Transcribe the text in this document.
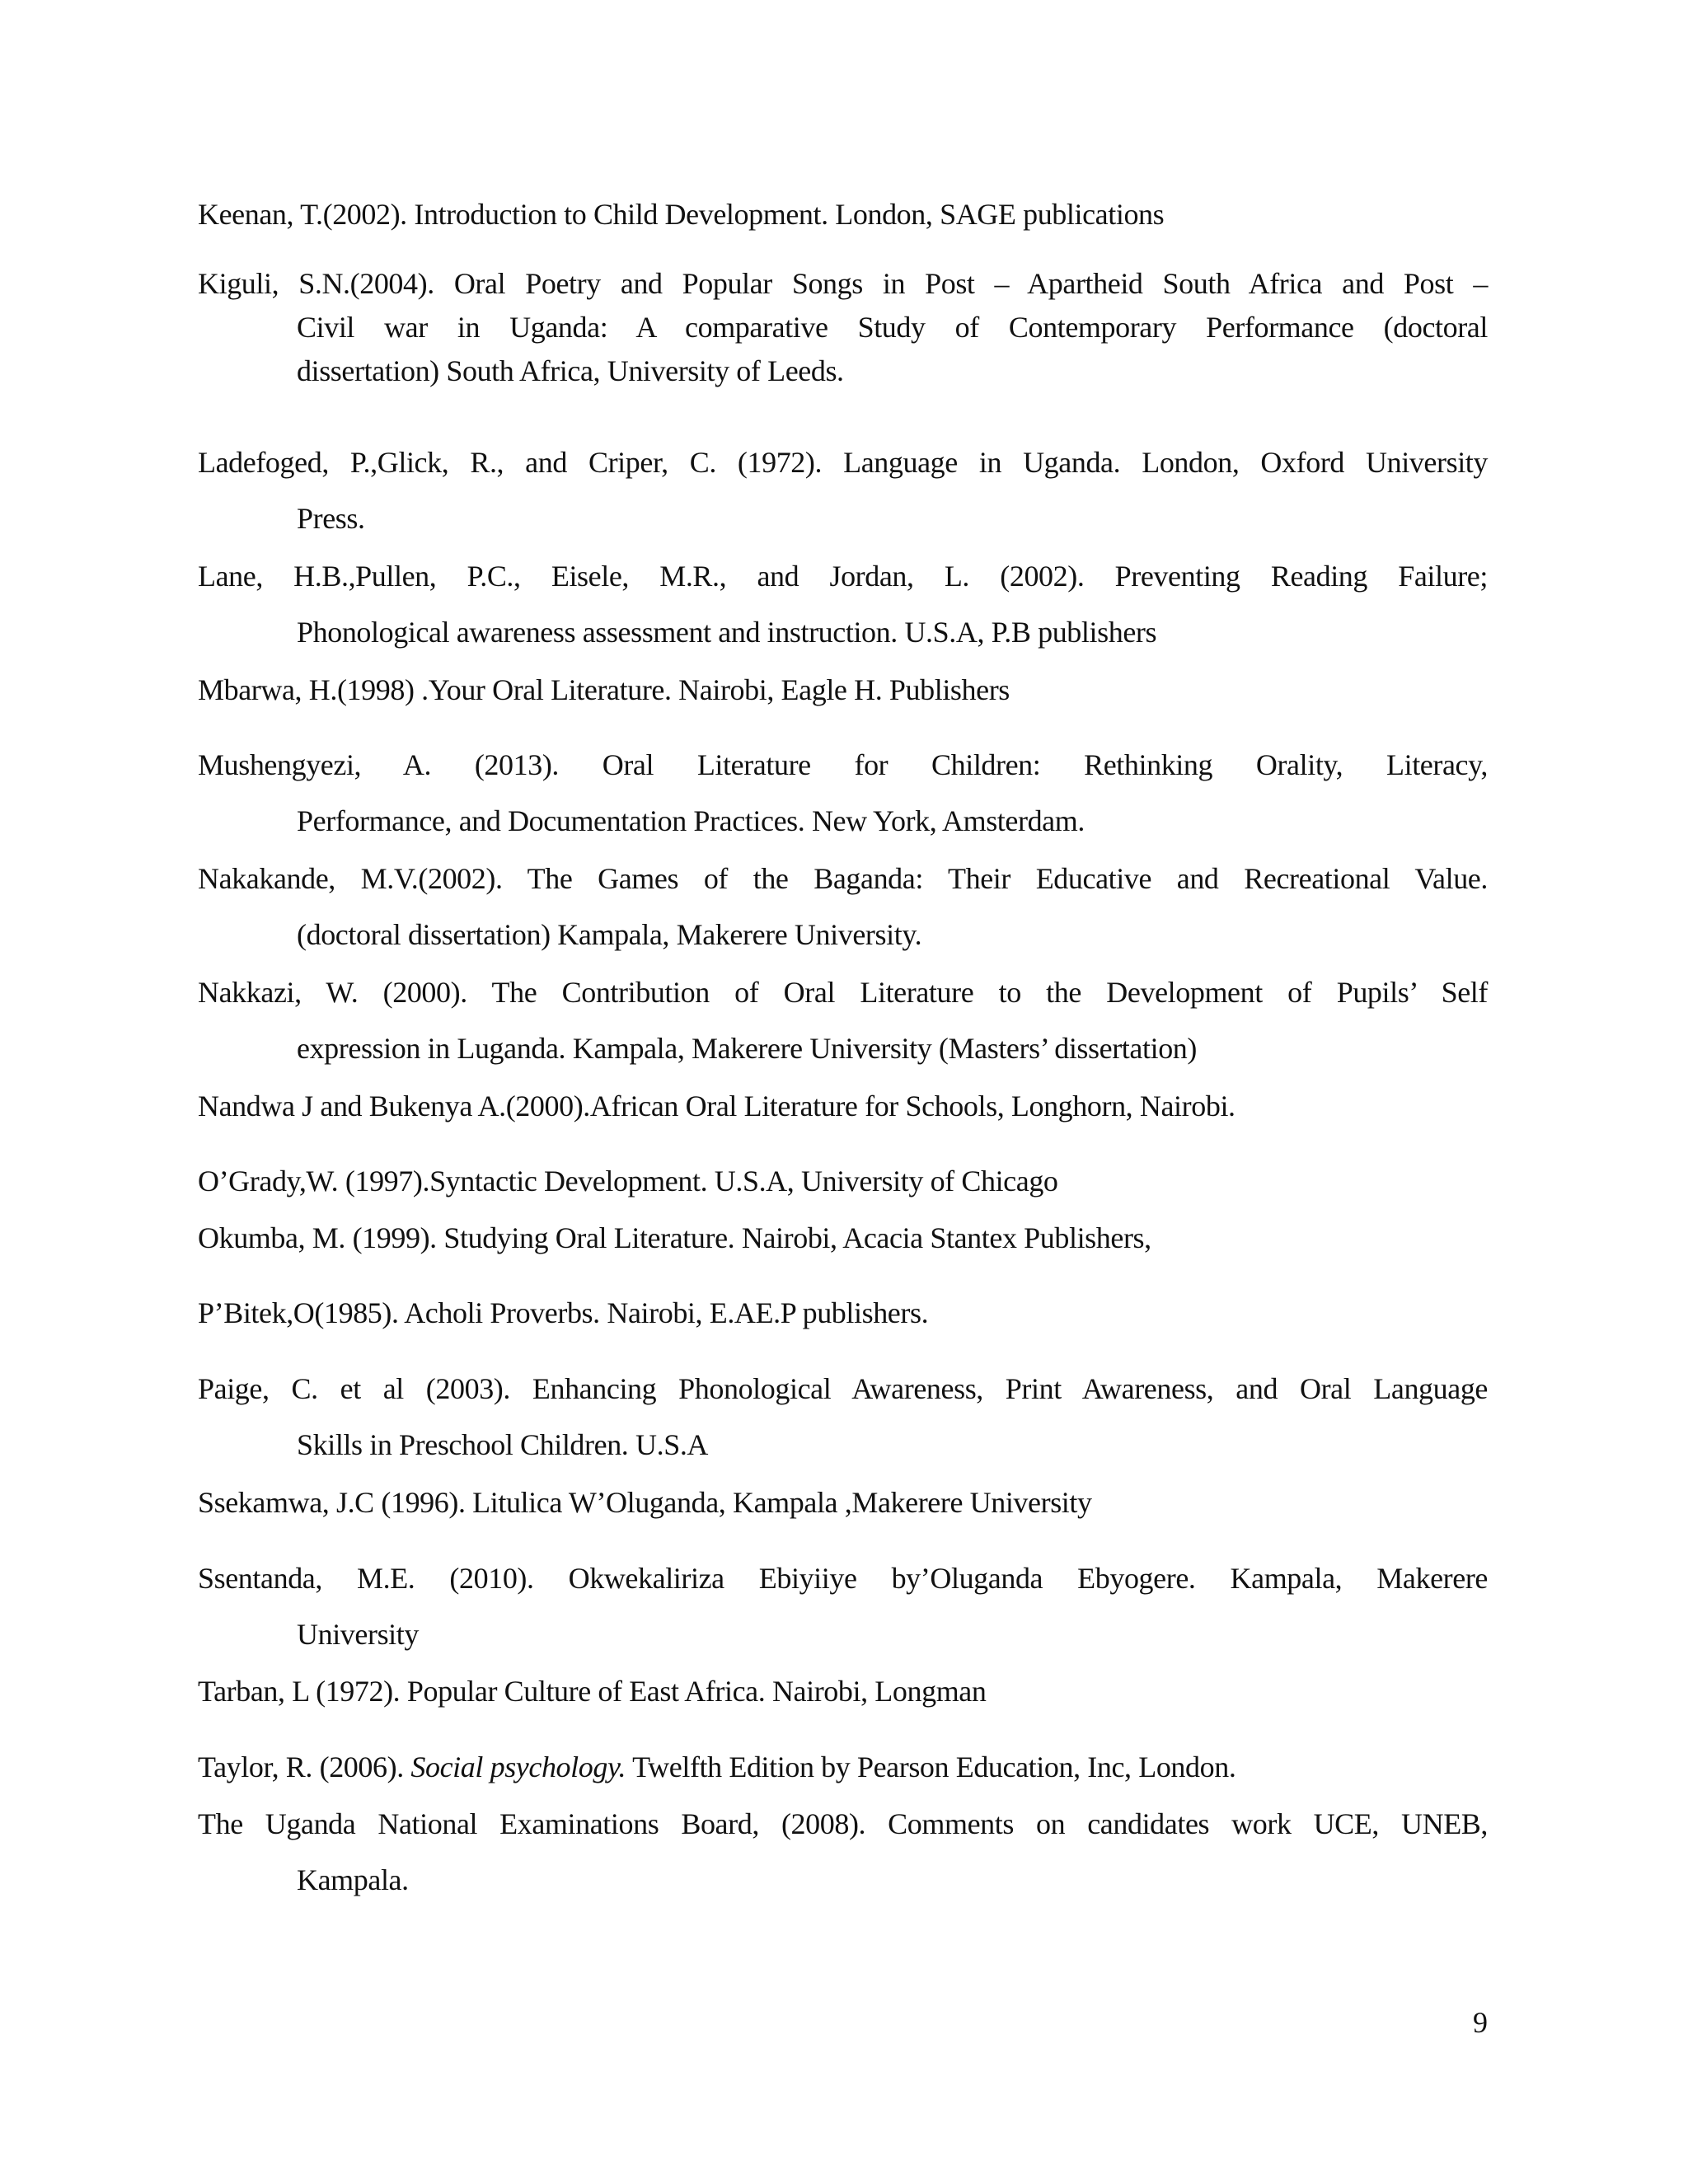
Keenan, T.(2002). Introduction to Child Development. London, SAGE publications
Kiguli, S.N.(2004). Oral Poetry and Popular Songs in Post – Apartheid South Africa and Post –
Civil war in Uganda: A comparative Study of Contemporary Performance (doctoral
dissertation) South Africa, University of Leeds.
Ladefoged, P.,Glick, R., and Criper, C. (1972). Language in Uganda. London, Oxford University
Press.
Lane, H.B.,Pullen, P.C., Eisele, M.R., and Jordan, L. (2002). Preventing Reading Failure;
Phonological awareness assessment and instruction. U.S.A, P.B publishers
Mbarwa, H.(1998) .Your Oral Literature. Nairobi, Eagle H. Publishers
Mushengyezi, A. (2013). Oral Literature for Children: Rethinking Orality, Literacy,
Performance, and Documentation Practices. New York, Amsterdam.
Nakakande, M.V.(2002). The Games of the Baganda: Their Educative and Recreational Value.
(doctoral dissertation) Kampala, Makerere University.
Nakkazi, W. (2000). The Contribution of Oral Literature to the Development of Pupils’ Self
expression in Luganda. Kampala, Makerere University (Masters’ dissertation)
Nandwa J and Bukenya A.(2000).African Oral Literature for Schools, Longhorn, Nairobi.
O’Grady,W. (1997).Syntactic Development. U.S.A, University of Chicago
Okumba, M. (1999). Studying Oral Literature. Nairobi, Acacia Stantex Publishers,
P’Bitek,O(1985). Acholi Proverbs. Nairobi, E.AE.P publishers.
Paige, C. et al (2003). Enhancing Phonological Awareness, Print Awareness, and Oral Language
Skills in Preschool Children. U.S.A
Ssekamwa, J.C (1996). Litulica W’Oluganda, Kampala ,Makerere University
Ssentanda, M.E. (2010). Okwekaliriza Ebiyiiye by’Oluganda Ebyogere. Kampala, Makerere
University
Tarban, L (1972). Popular Culture of East Africa. Nairobi, Longman
Taylor, R. (2006). Social psychology. Twelfth Edition by Pearson Education, Inc, London.
The Uganda National Examinations Board, (2008). Comments on candidates work UCE, UNEB,
Kampala.
9
